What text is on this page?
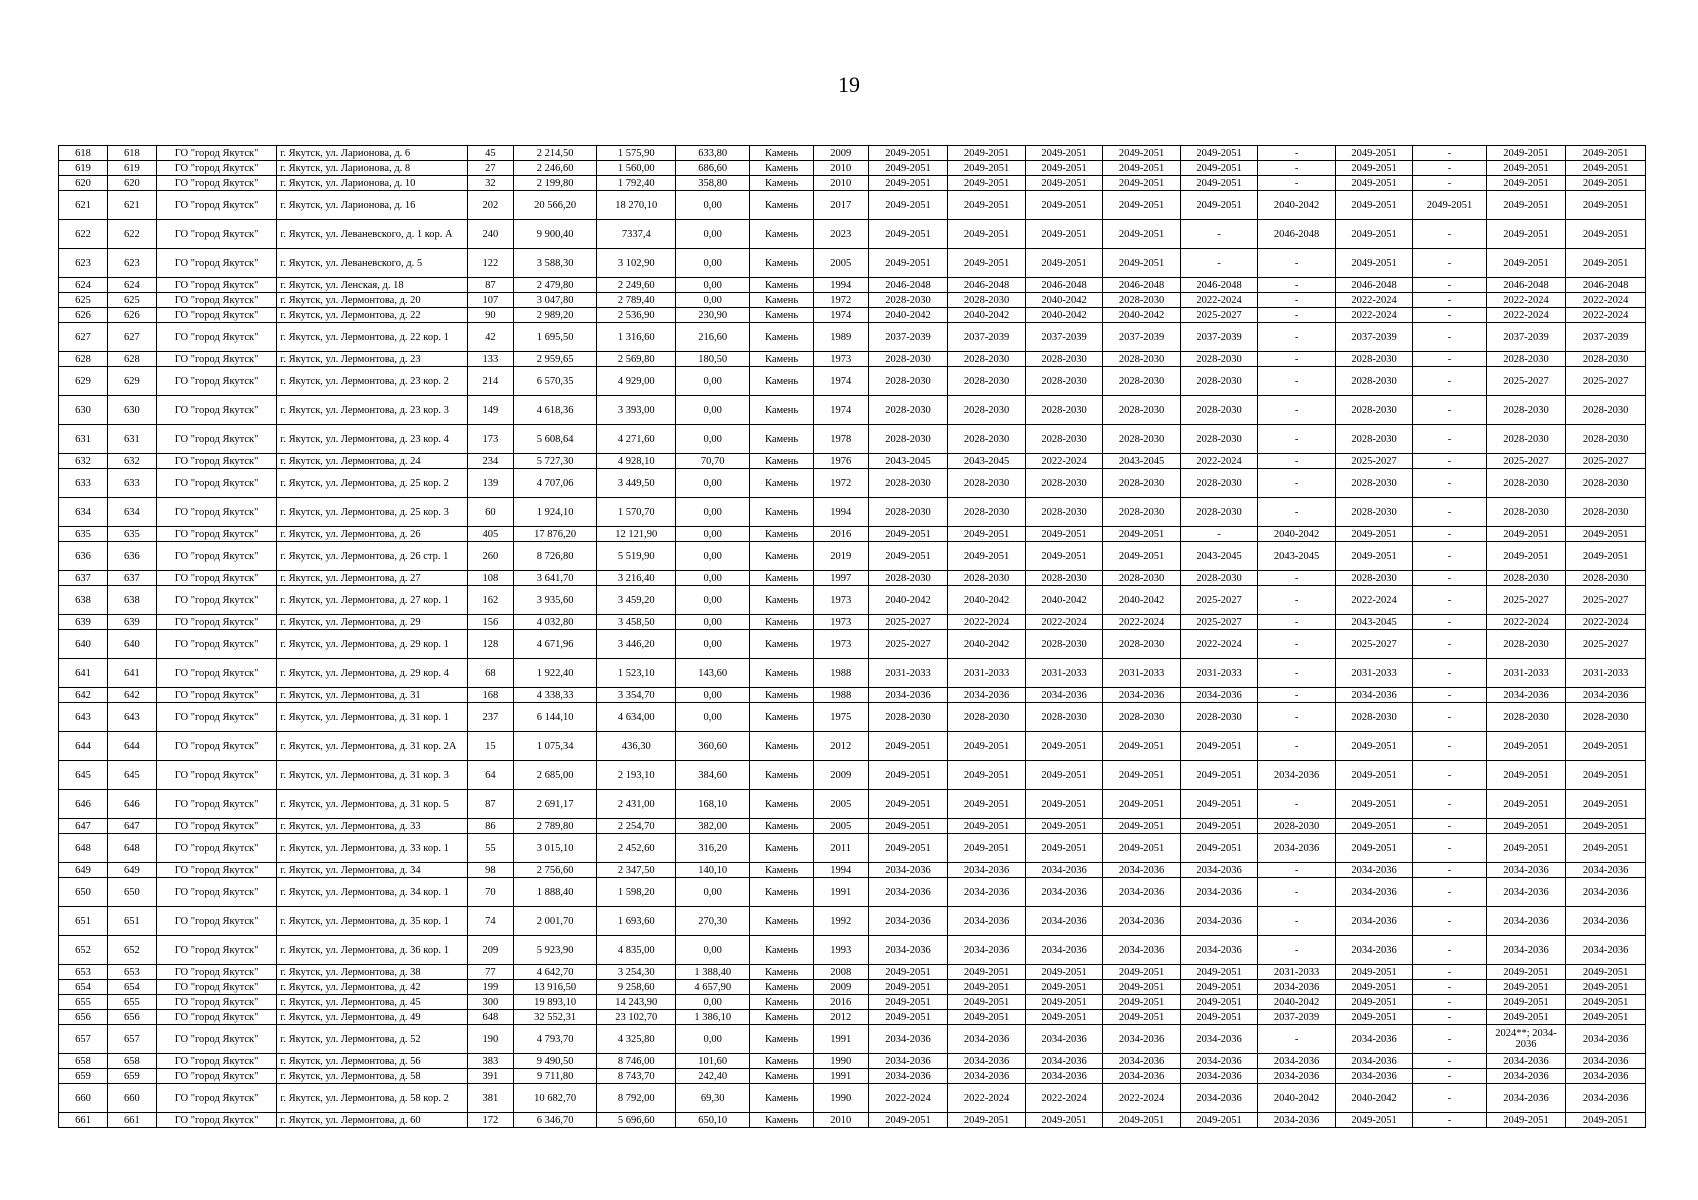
19
618	618	ГО "город Якутск"	г. Якутск, ул. Ларионова, д. 6	45	2 214,50	1 575,90	633,80	Камень	2009	2049-2051	2049-2051	2049-2051	2049-2051	2049-2051	-	2049-2051	-	2049-2051	2049-2051
619	619	ГО "город Якутск"	г. Якутск, ул. Ларионова, д. 8	27	2 246,60	1 560,00	686,60	Камень	2010	2049-2051	2049-2051	2049-2051	2049-2051	2049-2051	-	2049-2051	-	2049-2051	2049-2051
620	620	ГО "город Якутск"	г. Якутск, ул. Ларионова, д. 10	32	2 199,80	1 792,40	358,80	Камень	2010	2049-2051	2049-2051	2049-2051	2049-2051	2049-2051	-	2049-2051	-	2049-2051	2049-2051
621	621	ГО "город Якутск"	г. Якутск, ул. Ларионова, д. 16	202	20 566,20	18 270,10	0,00	Камень	2017	2049-2051	2049-2051	2049-2051	2049-2051	2049-2051	2040-2042	2049-2051	2049-2051	2049-2051	2049-2051
622	622	ГО "город Якутск"	г. Якутск, ул. Леваневского, д. 1 кор. А	240	9 900,40	7337,4	0,00	Камень	2023	2049-2051	2049-2051	2049-2051	2049-2051	-	2046-2048	2049-2051	-	2049-2051	2049-2051
623	623	ГО "город Якутск"	г. Якутск, ул. Леваневского, д. 5	122	3 588,30	3 102,90	0,00	Камень	2005	2049-2051	2049-2051	2049-2051	2049-2051	-	-	2049-2051	-	2049-2051	2049-2051
624	624	ГО "город Якутск"	г. Якутск, ул. Ленская, д. 18	87	2 479,80	2 249,60	0,00	Камень	1994	2046-2048	2046-2048	2046-2048	2046-2048	2046-2048	-	2046-2048	-	2046-2048	2046-2048
625	625	ГО "город Якутск"	г. Якутск, ул. Лермонтова, д. 20	107	3 047,80	2 789,40	0,00	Камень	1972	2028-2030	2028-2030	2040-2042	2028-2030	2022-2024	-	2022-2024	-	2022-2024	2022-2024
626	626	ГО "город Якутск"	г. Якутск, ул. Лермонтова, д. 22	90	2 989,20	2 536,90	230,90	Камень	1974	2040-2042	2040-2042	2040-2042	2040-2042	2025-2027	-	2022-2024	-	2022-2024	2022-2024
627	627	ГО "город Якутск"	г. Якутск, ул. Лермонтова, д. 22 кор. 1	42	1 695,50	1 316,60	216,60	Камень	1989	2037-2039	2037-2039	2037-2039	2037-2039	2037-2039	-	2037-2039	-	2037-2039	2037-2039
628	628	ГО "город Якутск"	г. Якутск, ул. Лермонтова, д. 23	133	2 959,65	2 569,80	180,50	Камень	1973	2028-2030	2028-2030	2028-2030	2028-2030	2028-2030	-	2028-2030	-	2028-2030	2028-2030
629	629	ГО "город Якутск"	г. Якутск, ул. Лермонтова, д. 23 кор. 2	214	6 570,35	4 929,00	0,00	Камень	1974	2028-2030	2028-2030	2028-2030	2028-2030	2028-2030	-	2028-2030	-	2025-2027	2025-2027
630	630	ГО "город Якутск"	г. Якутск, ул. Лермонтова, д. 23 кор. 3	149	4 618,36	3 393,00	0,00	Камень	1974	2028-2030	2028-2030	2028-2030	2028-2030	2028-2030	-	2028-2030	-	2028-2030	2028-2030
631	631	ГО "город Якутск"	г. Якутск, ул. Лермонтова, д. 23 кор. 4	173	5 608,64	4 271,60	0,00	Камень	1978	2028-2030	2028-2030	2028-2030	2028-2030	2028-2030	-	2028-2030	-	2028-2030	2028-2030
632	632	ГО "город Якутск"	г. Якутск, ул. Лермонтова, д. 24	234	5 727,30	4 928,10	70,70	Камень	1976	2043-2045	2043-2045	2022-2024	2043-2045	2022-2024	-	2025-2027	-	2025-2027	2025-2027
633	633	ГО "город Якутск"	г. Якутск, ул. Лермонтова, д. 25 кор. 2	139	4 707,06	3 449,50	0,00	Камень	1972	2028-2030	2028-2030	2028-2030	2028-2030	2028-2030	-	2028-2030	-	2028-2030	2028-2030
634	634	ГО "город Якутск"	г. Якутск, ул. Лермонтова, д. 25 кор. 3	60	1 924,10	1 570,70	0,00	Камень	1994	2028-2030	2028-2030	2028-2030	2028-2030	2028-2030	-	2028-2030	-	2028-2030	2028-2030
635	635	ГО "город Якутск"	г. Якутск, ул. Лермонтова, д. 26	405	17 876,20	12 121,90	0,00	Камень	2016	2049-2051	2049-2051	2049-2051	2049-2051	-	2040-2042	2049-2051	-	2049-2051	2049-2051
636	636	ГО "город Якутск"	г. Якутск, ул. Лермонтова, д. 26 стр. 1	260	8 726,80	5 519,90	0,00	Камень	2019	2049-2051	2049-2051	2049-2051	2049-2051	2043-2045	2043-2045	2049-2051	-	2049-2051	2049-2051
637	637	ГО "город Якутск"	г. Якутск, ул. Лермонтова, д. 27	108	3 641,70	3 216,40	0,00	Камень	1997	2028-2030	2028-2030	2028-2030	2028-2030	2028-2030	-	2028-2030	-	2028-2030	2028-2030
638	638	ГО "город Якутск"	г. Якутск, ул. Лермонтова, д. 27 кор. 1	162	3 935,60	3 459,20	0,00	Камень	1973	2040-2042	2040-2042	2040-2042	2040-2042	2025-2027	-	2022-2024	-	2025-2027	2025-2027
639	639	ГО "город Якутск"	г. Якутск, ул. Лермонтова, д. 29	156	4 032,80	3 458,50	0,00	Камень	1973	2025-2027	2022-2024	2022-2024	2022-2024	2025-2027	-	2043-2045	-	2022-2024	2022-2024
640	640	ГО "город Якутск"	г. Якутск, ул. Лермонтова, д. 29 кор. 1	128	4 671,96	3 446,20	0,00	Камень	1973	2025-2027	2040-2042	2028-2030	2028-2030	2022-2024	-	2025-2027	-	2028-2030	2025-2027
641	641	ГО "город Якутск"	г. Якутск, ул. Лермонтова, д. 29 кор. 4	68	1 922,40	1 523,10	143,60	Камень	1988	2031-2033	2031-2033	2031-2033	2031-2033	2031-2033	-	2031-2033	-	2031-2033	2031-2033
642	642	ГО "город Якутск"	г. Якутск, ул. Лермонтова, д. 31	168	4 338,33	3 354,70	0,00	Камень	1988	2034-2036	2034-2036	2034-2036	2034-2036	2034-2036	-	2034-2036	-	2034-2036	2034-2036
643	643	ГО "город Якутск"	г. Якутск, ул. Лермонтова, д. 31 кор. 1	237	6 144,10	4 634,00	0,00	Камень	1975	2028-2030	2028-2030	2028-2030	2028-2030	2028-2030	-	2028-2030	-	2028-2030	2028-2030
644	644	ГО "город Якутск"	г. Якутск, ул. Лермонтова, д. 31 кор. 2А	15	1 075,34	436,30	360,60	Камень	2012	2049-2051	2049-2051	2049-2051	2049-2051	2049-2051	-	2049-2051	-	2049-2051	2049-2051
645	645	ГО "город Якутск"	г. Якутск, ул. Лермонтова, д. 31 кор. 3	64	2 685,00	2 193,10	384,60	Камень	2009	2049-2051	2049-2051	2049-2051	2049-2051	2049-2051	2034-2036	2049-2051	-	2049-2051	2049-2051
646	646	ГО "город Якутск"	г. Якутск, ул. Лермонтова, д. 31 кор. 5	87	2 691,17	2 431,00	168,10	Камень	2005	2049-2051	2049-2051	2049-2051	2049-2051	2049-2051	-	2049-2051	-	2049-2051	2049-2051
647	647	ГО "город Якутск"	г. Якутск, ул. Лермонтова, д. 33	86	2 789,80	2 254,70	382,00	Камень	2005	2049-2051	2049-2051	2049-2051	2049-2051	2049-2051	2028-2030	2049-2051	-	2049-2051	2049-2051
648	648	ГО "город Якутск"	г. Якутск, ул. Лермонтова, д. 33 кор. 1	55	3 015,10	2 452,60	316,20	Камень	2011	2049-2051	2049-2051	2049-2051	2049-2051	2049-2051	2034-2036	2049-2051	-	2049-2051	2049-2051
649	649	ГО "город Якутск"	г. Якутск, ул. Лермонтова, д. 34	98	2 756,60	2 347,50	140,10	Камень	1994	2034-2036	2034-2036	2034-2036	2034-2036	2034-2036	-	2034-2036	-	2034-2036	2034-2036
650	650	ГО "город Якутск"	г. Якутск, ул. Лермонтова, д. 34 кор. 1	70	1 888,40	1 598,20	0,00	Камень	1991	2034-2036	2034-2036	2034-2036	2034-2036	2034-2036	-	2034-2036	-	2034-2036	2034-2036
651	651	ГО "город Якутск"	г. Якутск, ул. Лермонтова, д. 35 кор. 1	74	2 001,70	1 693,60	270,30	Камень	1992	2034-2036	2034-2036	2034-2036	2034-2036	2034-2036	-	2034-2036	-	2034-2036	2034-2036
652	652	ГО "город Якутск"	г. Якутск, ул. Лермонтова, д. 36 кор. 1	209	5 923,90	4 835,00	0,00	Камень	1993	2034-2036	2034-2036	2034-2036	2034-2036	2034-2036	-	2034-2036	-	2034-2036	2034-2036
653	653	ГО "город Якутск"	г. Якутск, ул. Лермонтова, д. 38	77	4 642,70	3 254,30	1 388,40	Камень	2008	2049-2051	2049-2051	2049-2051	2049-2051	2049-2051	2031-2033	2049-2051	-	2049-2051	2049-2051
654	654	ГО "город Якутск"	г. Якутск, ул. Лермонтова, д. 42	199	13 916,50	9 258,60	4 657,90	Камень	2009	2049-2051	2049-2051	2049-2051	2049-2051	2049-2051	2034-2036	2049-2051	-	2049-2051	2049-2051
655	655	ГО "город Якутск"	г. Якутск, ул. Лермонтова, д. 45	300	19 893,10	14 243,90	0,00	Камень	2016	2049-2051	2049-2051	2049-2051	2049-2051	2049-2051	2040-2042	2049-2051	-	2049-2051	2049-2051
656	656	ГО "город Якутск"	г. Якутск, ул. Лермонтова, д. 49	648	32 552,31	23 102,70	1 386,10	Камень	2012	2049-2051	2049-2051	2049-2051	2049-2051	2049-2051	2037-2039	2049-2051	-	2049-2051	2049-2051
657	657	ГО "город Якутск"	г. Якутск, ул. Лермонтова, д. 52	190	4 793,70	4 325,80	0,00	Камень	1991	2034-2036	2034-2036	2034-2036	2034-2036	2034-2036	-	2034-2036	-	2024**; 2034-2036	2034-2036
658	658	ГО "город Якутск"	г. Якутск, ул. Лермонтова, д. 56	383	9 490,50	8 746,00	101,60	Камень	1990	2034-2036	2034-2036	2034-2036	2034-2036	2034-2036	2034-2036	2034-2036	-	2034-2036	2034-2036
659	659	ГО "город Якутск"	г. Якутск, ул. Лермонтова, д. 58	391	9 711,80	8 743,70	242,40	Камень	1991	2034-2036	2034-2036	2034-2036	2034-2036	2034-2036	2034-2036	2034-2036	-	2034-2036	2034-2036
660	660	ГО "город Якутск"	г. Якутск, ул. Лермонтова, д. 58 кор. 2	381	10 682,70	8 792,00	69,30	Камень	1990	2022-2024	2022-2024	2022-2024	2022-2024	2034-2036	2040-2042	2040-2042	-	2034-2036	2034-2036
661	661	ГО "город Якутск"	г. Якутск, ул. Лермонтова, д. 60	172	6 346,70	5 696,60	650,10	Камень	2010	2049-2051	2049-2051	2049-2051	2049-2051	2049-2051	2034-2036	2049-2051	-	2049-2051	2049-2051
